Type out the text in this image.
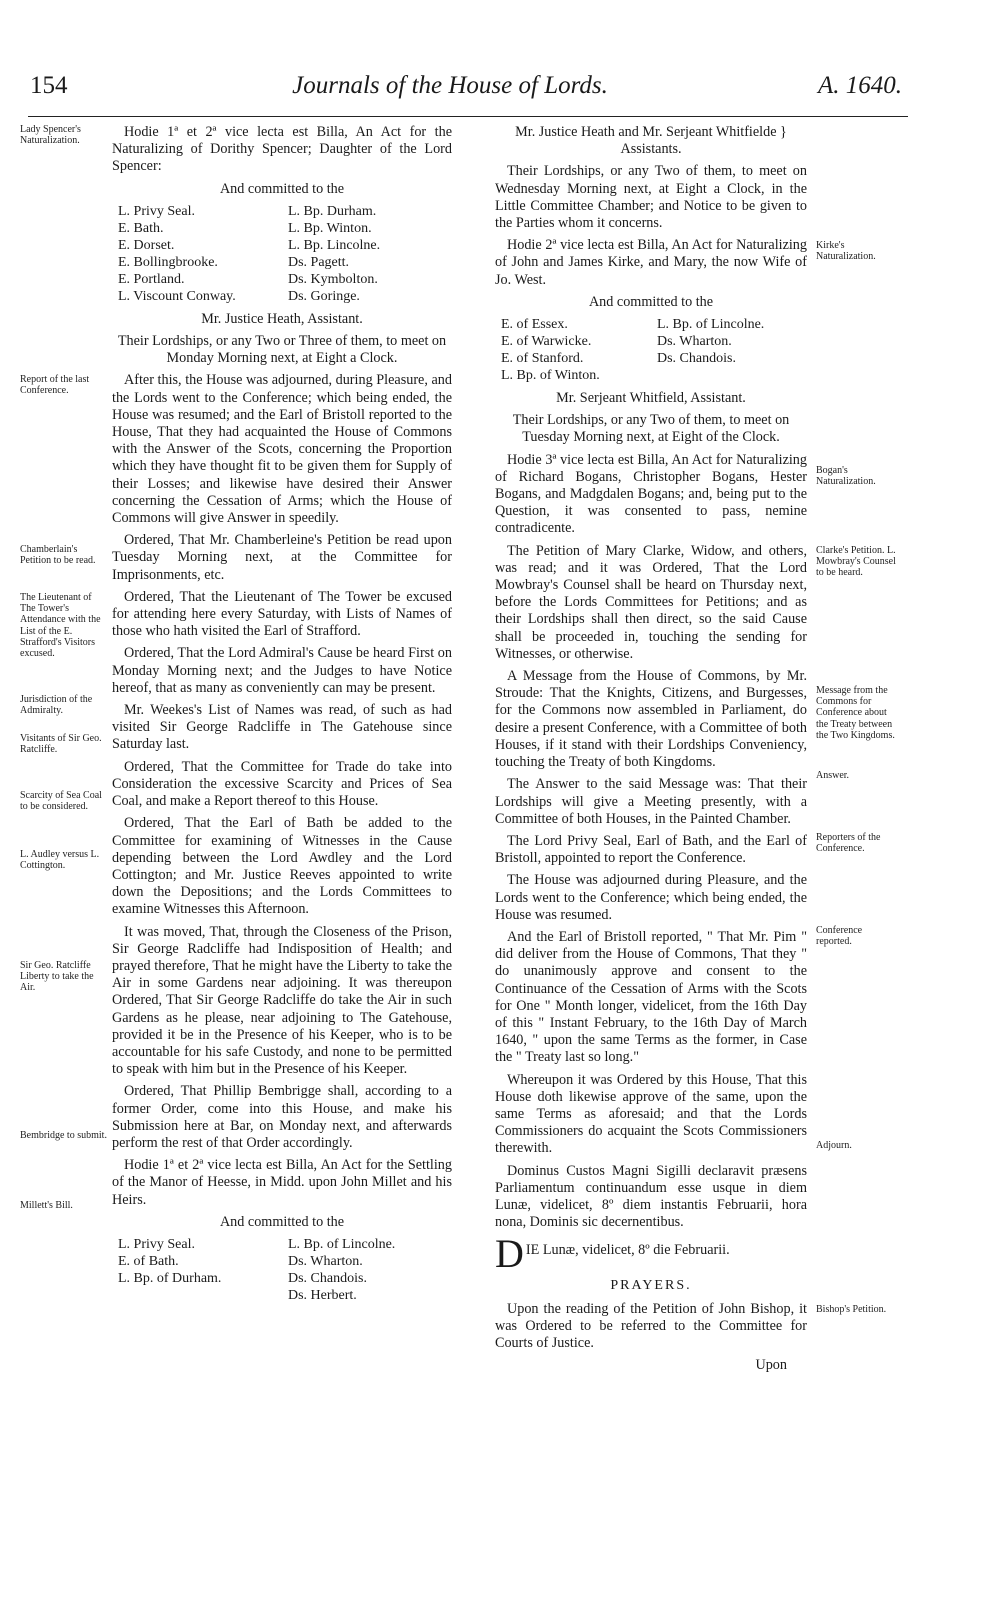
154	Journals of the House of Lords.	A. 1640.
Lady Spencer's Naturalization.
Report of the last Conference.
Chamberlain's Petition to be read.
The Lieutenant of The Tower's Attendance with the List of the E. Strafford's Visitors excused.
Jurisdiction of the Admiralty.
Visitants of Sir Geo. Ratcliffe.
Scarcity of Sea Coal to be considered.
L. Audley versus L. Cottington.
Sir Geo. Ratcliffe Liberty to take the Air.
Bembridge to submit.
Millett's Bill.
Kirke's Naturalization.
Bogan's Naturalization.
Clarke's Petition. L. Mowbray's Counsel to be heard.
Message from the Commons for Conference about the Treaty between the Two Kingdoms.
Answer.
Reporters of the Conference.
Conference reported.
Adjourn.
Bishop's Petition.

Hodie 1ª et 2ª vice lecta est Billa, An Act for the Naturalizing of Dorithy Spencer; Daughter of the Lord Spencer:

And committed to the

L. Privy Seal.	L. Bp. Durham.
E. Bath.	L. Bp. Winton.
E. Dorset.	L. Bp. Lincolne.
E. Bollingbrooke.	Ds. Pagett.
E. Portland.	Ds. Kymbolton.
L. Viscount Conway.	Ds. Goringe.

Mr. Justice Heath, Assistant.

Their Lordships, or any Two or Three of them, to meet on Monday Morning next, at Eight a Clock.

After this, the House was adjourned, during Pleasure, and the Lords went to the Conference; which being ended, the House was resumed; and the Earl of Bristoll reported to the House, That they had acquainted the House of Commons with the Answer of the Scots, concerning the Proportion which they have thought fit to be given them for Supply of their Losses; and likewise have desired their Answer concerning the Cessation of Arms; which the House of Commons will give Answer in speedily.

Ordered, That Mr. Chamberleine's Petition be read upon Tuesday Morning next, at the Committee for Imprisonments, etc.

Ordered, That the Lieutenant of The Tower be excused for attending here every Saturday, with Lists of Names of those who hath visited the Earl of Strafford.

Ordered, That the Lord Admiral's Cause be heard First on Monday Morning next; and the Judges to have Notice hereof, that as many as conveniently can may be present.

Mr. Weekes's List of Names was read, of such as had visited Sir George Radcliffe in The Gatehouse since Saturday last.

Ordered, That the Committee for Trade do take into Consideration the excessive Scarcity and Prices of Sea Coal, and make a Report thereof to this House.

Ordered, That the Earl of Bath be added to the Committee for examining of Witnesses in the Cause depending between the Lord Awdley and the Lord Cottington; and Mr. Justice Reeves appointed to write down the Depositions; and the Lords Committees to examine Witnesses this Afternoon.

It was moved, That, through the Closeness of the Prison, Sir George Radcliffe had Indisposition of Health; and prayed therefore, That he might have the Liberty to take the Air in some Gardens near adjoining. It was thereupon Ordered, That Sir George Radcliffe do take the Air in such Gardens as he please, near adjoining to The Gatehouse, provided it be in the Presence of his Keeper, who is to be accountable for his safe Custody, and none to be permitted to speak with him but in the Presence of his Keeper.

Ordered, That Phillip Bembrigge shall, according to a former Order, come into this House, and make his Submission here at Bar, on Monday next, and afterwards perform the rest of that Order accordingly.

Hodie 1ª et 2ª vice lecta est Billa, An Act for the Settling of the Manor of Heesse, in Midd. upon John Millet and his Heirs.

And committed to the

L. Privy Seal.	L. Bp. of Lincolne.
E. of Bath.	Ds. Wharton.
L. Bp. of Durham.	Ds. Chandois.
	Ds. Herbert.

Mr. Justice Heath and Mr. Serjeant Whitfielde } Assistants.

Their Lordships, or any Two of them, to meet on Wednesday Morning next, at Eight a Clock, in the Little Committee Chamber; and Notice to be given to the Parties whom it concerns.

Hodie 2ª vice lecta est Billa, An Act for Naturalizing of John and James Kirke, and Mary, the now Wife of Jo. West.

And committed to the

E. of Essex.	L. Bp. of Lincolne.
E. of Warwicke.	Ds. Wharton.
E. of Stanford.	Ds. Chandois.
L. Bp. of Winton.	

Mr. Serjeant Whitfield, Assistant.

Their Lordships, or any Two of them, to meet on Tuesday Morning next, at Eight of the Clock.

Hodie 3ª vice lecta est Billa, An Act for Naturalizing of Richard Bogans, Christopher Bogans, Hester Bogans, and Madgdalen Bogans; and, being put to the Question, it was consented to pass, nemine contradicente.

The Petition of Mary Clarke, Widow, and others, was read; and it was Ordered, That the Lord Mowbray's Counsel shall be heard on Thursday next, before the Lords Committees for Petitions; and as their Lordships shall then direct, so the said Cause shall be proceeded in, touching the sending for Witnesses, or otherwise.

A Message from the House of Commons, by Mr. Stroude: That the Knights, Citizens, and Burgesses, for the Commons now assembled in Parliament, do desire a present Conference, with a Committee of both Houses, if it stand with their Lordships Conveniency, touching the Treaty of both Kingdoms.

The Answer to the said Message was: That their Lordships will give a Meeting presently, with a Committee of both Houses, in the Painted Chamber.

The Lord Privy Seal, Earl of Bath, and the Earl of Bristoll, appointed to report the Conference.

The House was adjourned during Pleasure, and the Lords went to the Conference; which being ended, the House was resumed.

And the Earl of Bristoll reported, " That Mr. Pim " did deliver from the House of Commons, That they " do unanimously approve and consent to the Continuance of the Cessation of Arms with the Scots for One " Month longer, videlicet, from the 16th Day of this " Instant February, to the 16th Day of March 1640, " upon the same Terms as the former, in Case the " Treaty last so long."

Whereupon it was Ordered by this House, That this House doth likewise approve of the same, upon the same Terms as aforesaid; and that the Lords Commissioners do acquaint the Scots Commissioners therewith.

Dominus Custos Magni Sigilli declaravit præsens Parliamentum continuandum esse usque in diem Lunæ, videlicet, 8º diem instantis Februarii, hora nona, Dominis sic decernentibus.

D IE Lunæ, videlicet, 8º die Februarii.
PRAYERS.

Upon the reading of the Petition of John Bishop, it was Ordered to be referred to the Committee for Courts of Justice.

Upon
